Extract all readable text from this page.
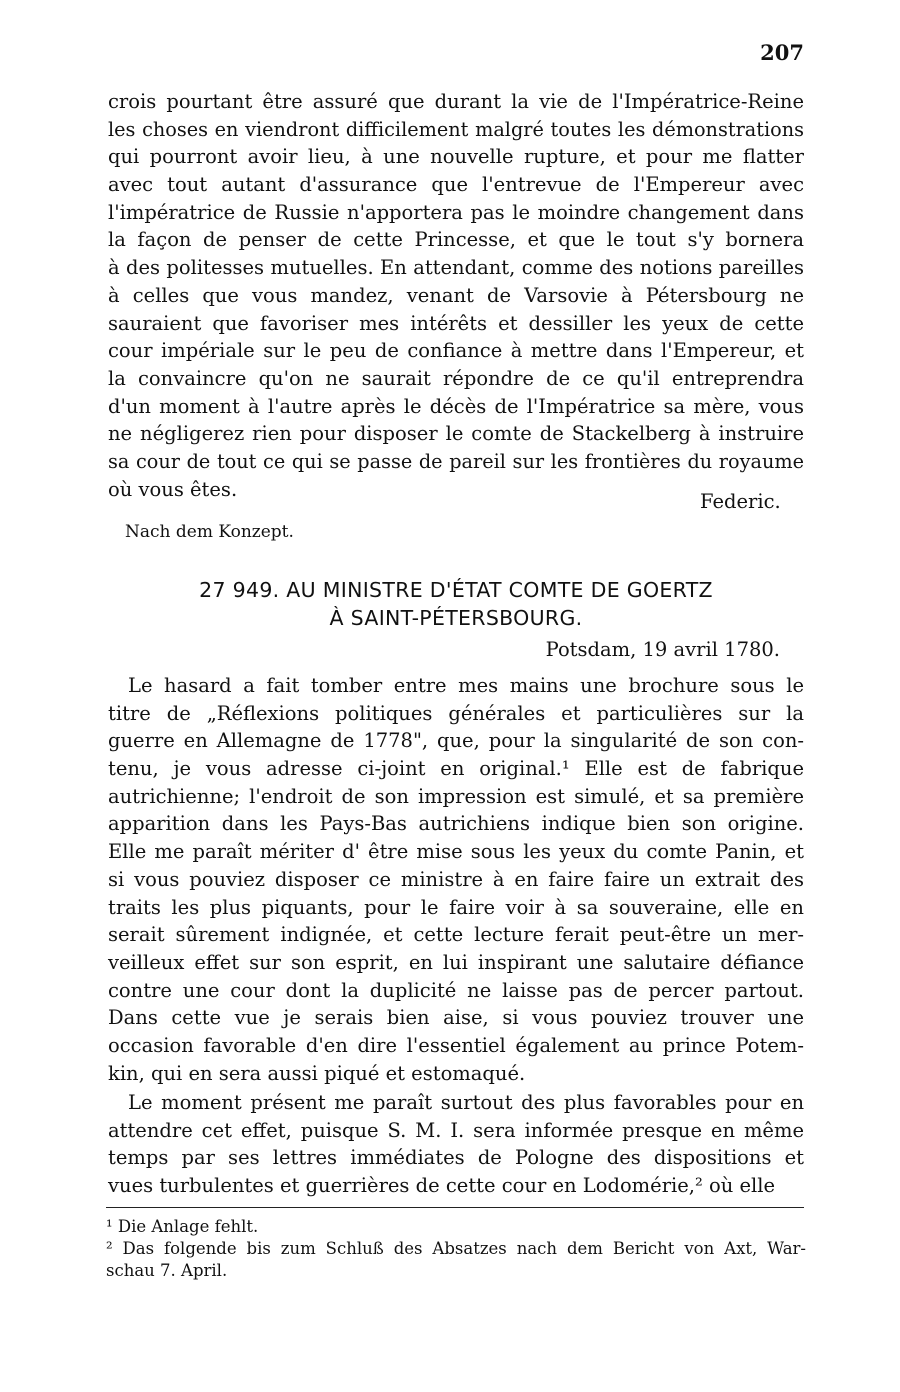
207
crois pourtant être assuré que durant la vie de l'Impératrice-Reine
les choses en viendront difficilement malgré toutes les démonstrations
qui pourront avoir lieu, à une nouvelle rupture, et pour me flatter
avec tout autant d'assurance que l'entrevue de l'Empereur avec
l'impératrice de Russie n'apportera pas le moindre changement dans
la façon de penser de cette Princesse, et que le tout s'y bornera
à des politesses mutuelles. En attendant, comme des notions pareilles
à celles que vous mandez, venant de Varsovie à Pétersbourg ne
sauraient que favoriser mes intérêts et dessiller les yeux de cette
cour impériale sur le peu de confiance à mettre dans l'Empereur, et
la convaincre qu'on ne saurait répondre de ce qu'il entreprendra
d'un moment à l'autre après le décès de l'Impératrice sa mère, vous
ne négligerez rien pour disposer le comte de Stackelberg à instruire
sa cour de tout ce qui se passe de pareil sur les frontières du royaume
où vous êtes.
Federic.
Nach dem Konzept.
27 949. AU MINISTRE D'ÉTAT COMTE DE GOERTZ
À SAINT-PÉTERSBOURG.
Potsdam, 19 avril 1780.
Le hasard a fait tomber entre mes mains une brochure sous le
titre de „Réflexions politiques générales et particulières sur la
guerre en Allemagne de 1778", que, pour la singularité de son con-
tenu, je vous adresse ci-joint en original.¹ Elle est de fabrique
autrichienne; l'endroit de son impression est simulé, et sa première
apparition dans les Pays-Bas autrichiens indique bien son origine.
Elle me paraît mériter d' être mise sous les yeux du comte Panin, et
si vous pouviez disposer ce ministre à en faire faire un extrait des
traits les plus piquants, pour le faire voir à sa souveraine, elle en
serait sûrement indignée, et cette lecture ferait peut-être un mer-
veilleux effet sur son esprit, en lui inspirant une salutaire défiance
contre une cour dont la duplicité ne laisse pas de percer partout.
Dans cette vue je serais bien aise, si vous pouviez trouver une
occasion favorable d'en dire l'essentiel également au prince Potem-
kin, qui en sera aussi piqué et estomaqué.
Le moment présent me paraît surtout des plus favorables pour en
attendre cet effet, puisque S. M. I. sera informée presque en même
temps par ses lettres immédiates de Pologne des dispositions et
vues turbulentes et guerrières de cette cour en Lodomérie,² où elle
¹ Die Anlage fehlt.
² Das folgende bis zum Schluß des Absatzes nach dem Bericht von Axt, War-
schau 7. April.
